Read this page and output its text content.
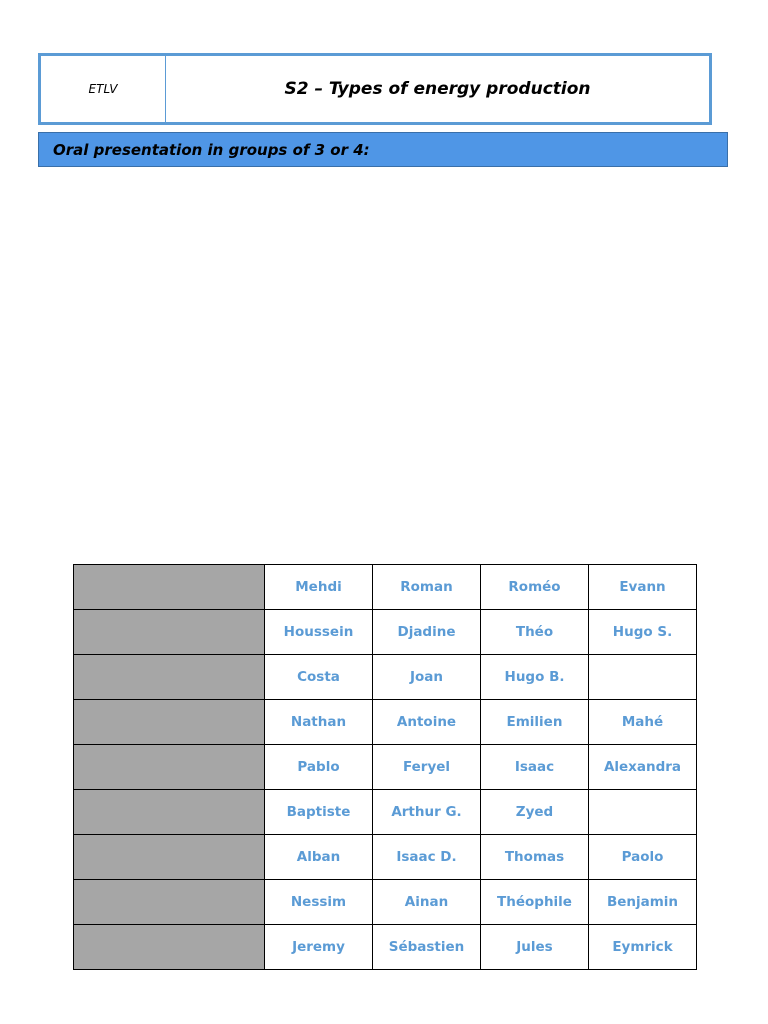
ETLV	S2 – Types of energy production
Oral presentation in groups of 3 or 4:
	Mehdi	Roman	Roméo	Evann
	Houssein	Djadine	Théo	Hugo S.
	Costa	Joan	Hugo B.	
	Nathan	Antoine	Emilien	Mahé
	Pablo	Feryel	Isaac	Alexandra
	Baptiste	Arthur G.	Zyed	
	Alban	Isaac D.	Thomas	Paolo
	Nessim	Ainan	Théophile	Benjamin
	Jeremy	Sébastien	Jules	Eymrick
